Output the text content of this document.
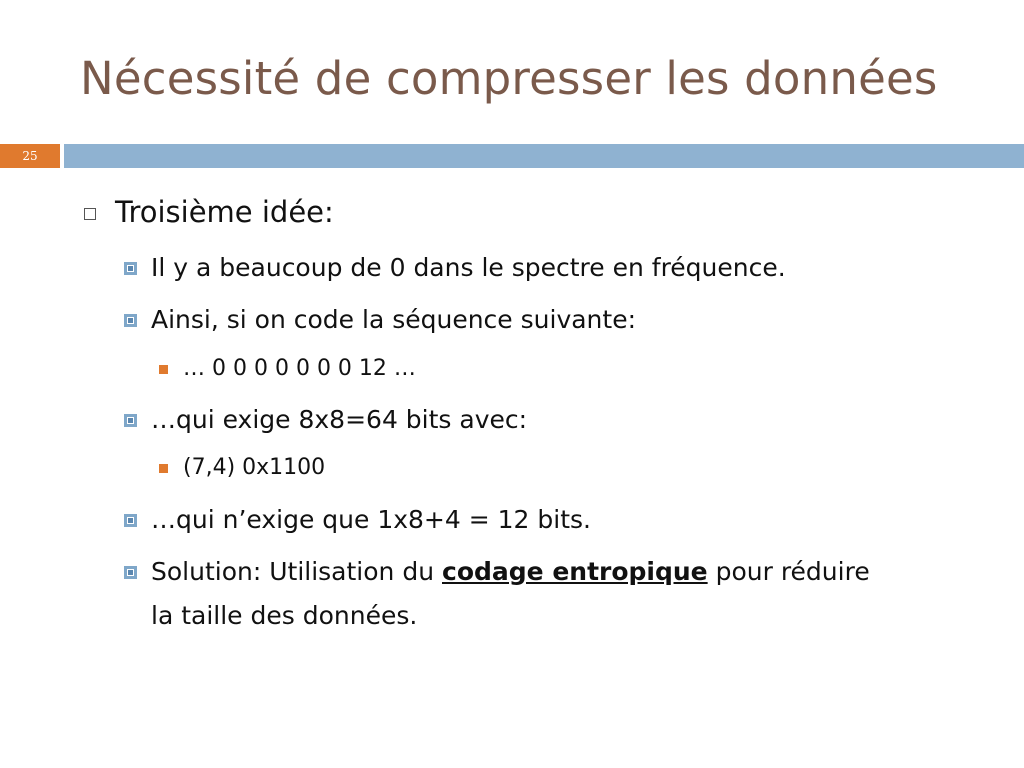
Nécessité de compresser les données
25
Troisième idée:
Il y a beaucoup de 0 dans le spectre en fréquence.
Ainsi, si on code la séquence suivante:
… 0 0 0 0 0 0 0 12 …
…qui exige 8x8=64 bits avec:
(7,4) 0x1100
…qui n’exige que 1x8+4 = 12 bits.
Solution: Utilisation du codage entropique pour réduire
la taille des données.
